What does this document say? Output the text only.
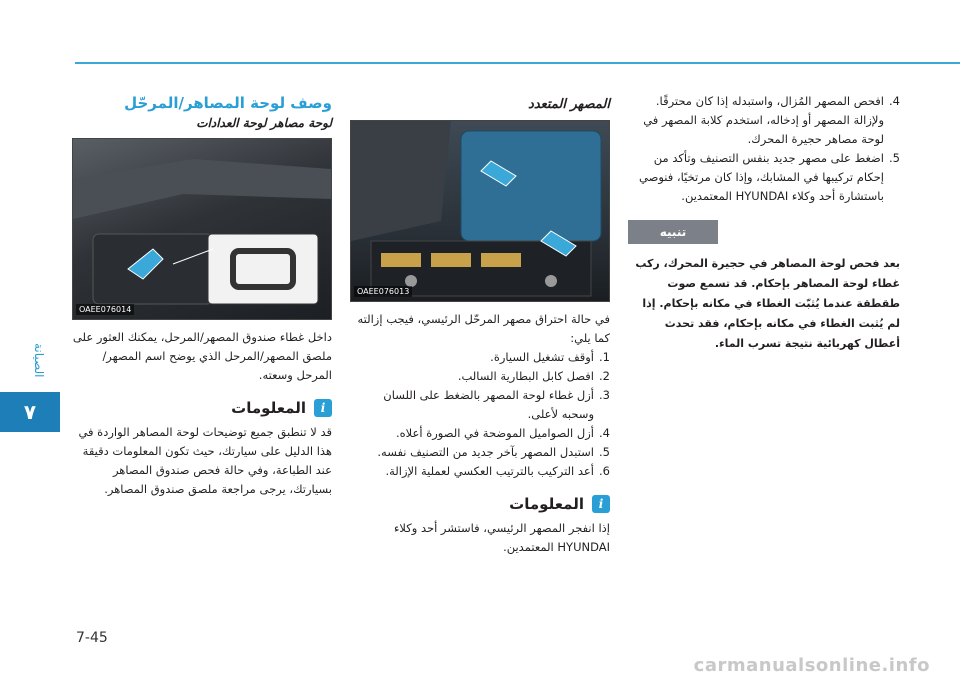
الصيانة
٧
وصف لوحة المصاهر/المرحّل
لوحة مصاهر لوحة العدادات
OAEE076014

داخل غطاء صندوق المصهر/المرحل، يمكنك العثور على ملصق المصهر/المرحل الذي يوضح اسم المصهر/ المرحل وسعته.

i
المعلومات

قد لا تنطبق جميع توضيحات لوحة المصاهر الواردة في هذا الدليل على سيارتك، حيث تكون المعلومات دقيقة عند الطباعة، وفي حالة فحص صندوق المصاهر بسيارتك، يرجى مراجعة ملصق صندوق المصاهر.

المصهر المتعدد
OAEE076013

في حالة احتراق مصهر المرحّل الرئيسي، فيجب إزالته كما يلي:

1.
أوقف تشغيل السيارة.
2.
افصل كابل البطارية السالب.
3.
أزل غطاء لوحة المصهر بالضغط على اللسان وسحبه لأعلى.
4.
أزل الصواميل الموضحة في الصورة أعلاه.
5.
استبدل المصهر بآخر جديد من التصنيف نفسه.
6.
أعد التركيب بالترتيب العكسي لعملية الإزالة.
i
المعلومات

إذا انفجر المصهر الرئيسي، فاستشر أحد وكلاء HYUNDAI المعتمدين.

4.
افحص المصهر المُزال، واستبدله إذا كان محترقًا. ولإزالة المصهر أو إدخاله، استخدم كلابة المصهر في لوحة مصاهر حجيرة المحرك.
5.
اضغط على مصهر جديد بنفس التصنيف وتأكد من إحكام تركيبها في المشابك، وإذا كان مرتخيًا، فنوصي باستشارة أحد وكلاء HYUNDAI المعتمدين.
تنبيه

بعد فحص لوحة المصاهر في حجيرة المحرك، ركب غطاء لوحة المصاهر بإحكام. قد تسمع صوت طقطقة عندما يُثبّت الغطاء في مكانه بإحكام. إذا لم يُثبت الغطاء في مكانه بإحكام، فقد تحدث أعطال كهربائية نتيجة تسرب الماء.

7-45
carmanualsonline.info
